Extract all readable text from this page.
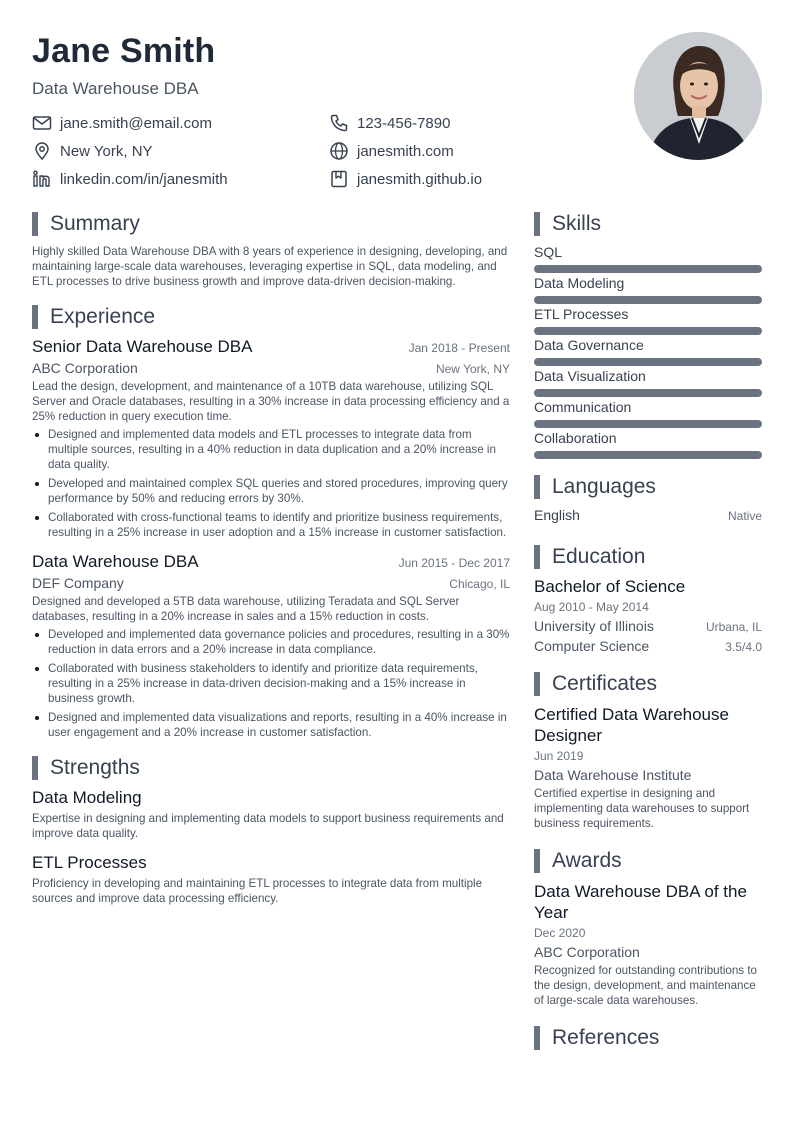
Jane Smith
Data Warehouse DBA
jane.smith@email.com	123-456-7890
New York, NY	janesmith.com
linkedin.com/in/janesmith	janesmith.github.io
Summary
Highly skilled Data Warehouse DBA with 8 years of experience in designing, developing, and maintaining large-scale data warehouses, leveraging expertise in SQL, data modeling, and ETL processes to drive business growth and improve data-driven decision-making.
Experience
Senior Data Warehouse DBA	Jan 2018 - Present
ABC Corporation	New York, NY
Lead the design, development, and maintenance of a 10TB data warehouse, utilizing SQL Server and Oracle databases, resulting in a 30% increase in data processing efficiency and a 25% reduction in query execution time.
Designed and implemented data models and ETL processes to integrate data from multiple sources, resulting in a 40% reduction in data duplication and a 20% increase in data quality.
Developed and maintained complex SQL queries and stored procedures, improving query performance by 50% and reducing errors by 30%.
Collaborated with cross-functional teams to identify and prioritize business requirements, resulting in a 25% increase in user adoption and a 15% increase in customer satisfaction.
Data Warehouse DBA	Jun 2015 - Dec 2017
DEF Company	Chicago, IL
Designed and developed a 5TB data warehouse, utilizing Teradata and SQL Server databases, resulting in a 20% increase in sales and a 15% reduction in costs.
Developed and implemented data governance policies and procedures, resulting in a 30% reduction in data errors and a 20% increase in data compliance.
Collaborated with business stakeholders to identify and prioritize data requirements, resulting in a 25% increase in data-driven decision-making and a 15% increase in business growth.
Designed and implemented data visualizations and reports, resulting in a 40% increase in user engagement and a 20% increase in customer satisfaction.
Strengths
Data Modeling
Expertise in designing and implementing data models to support business requirements and improve data quality.
ETL Processes
Proficiency in developing and maintaining ETL processes to integrate data from multiple sources and improve data processing efficiency.
Skills
SQL
Data Modeling
ETL Processes
Data Governance
Data Visualization
Communication
Collaboration
Languages
English	Native
Education
Bachelor of Science
Aug 2010 - May 2014
University of Illinois	Urbana, IL
Computer Science	3.5/4.0
Certificates
Certified Data Warehouse Designer
Jun 2019
Data Warehouse Institute
Certified expertise in designing and implementing data warehouses to support business requirements.
Awards
Data Warehouse DBA of the Year
Dec 2020
ABC Corporation
Recognized for outstanding contributions to the design, development, and maintenance of large-scale data warehouses.
References
